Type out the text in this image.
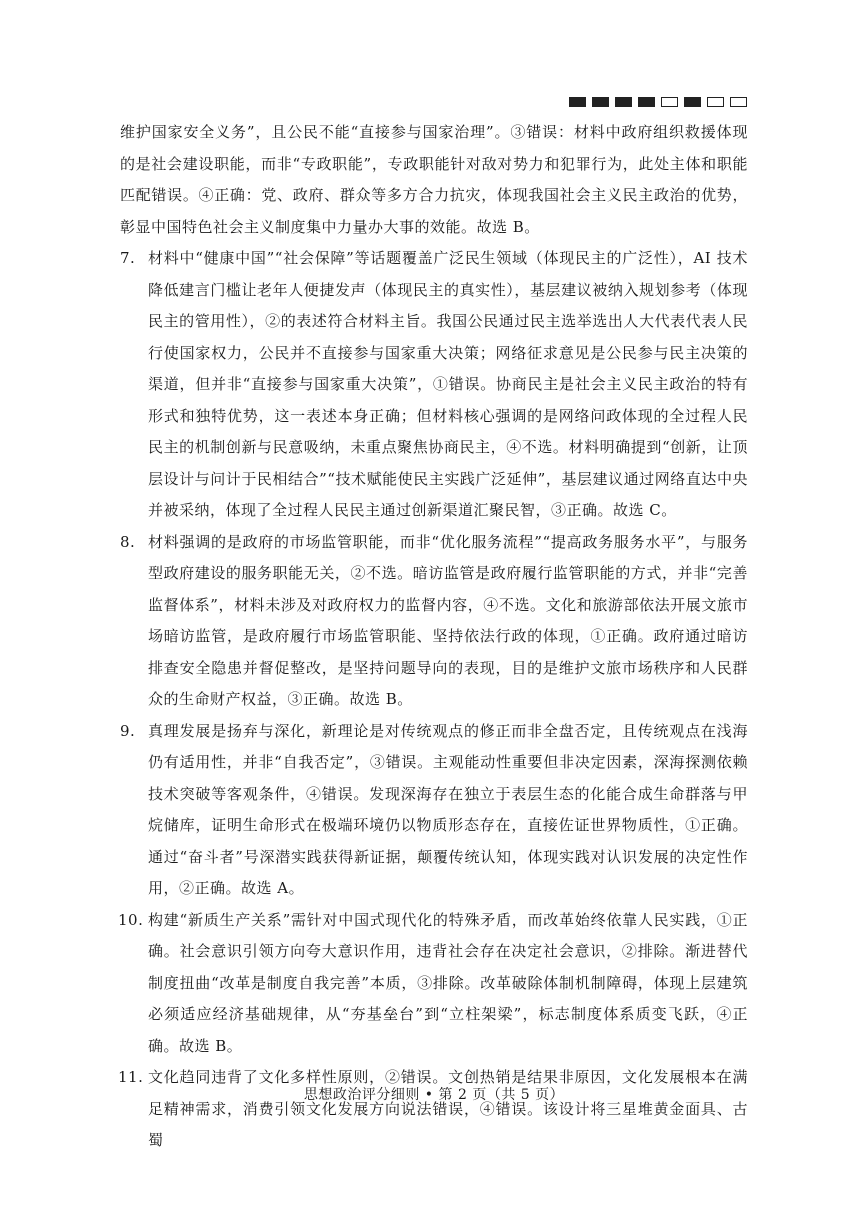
维护国家安全义务”，且公民不能“直接参与国家治理”。③错误：材料中政府组织救援体现的是社会建设职能，而非“专政职能”，专政职能针对敌对势力和犯罪行为，此处主体和职能匹配错误。④正确：党、政府、群众等多方合力抗灾，体现我国社会主义民主政治的优势，彰显中国特色社会主义制度集中力量办大事的效能。故选 B。

7. 材料中“健康中国”“社会保障”等话题覆盖广泛民生领域（体现民主的广泛性），AI 技术降低建言门槛让老年人便捷发声（体现民主的真实性），基层建议被纳入规划参考（体现民主的管用性），②的表述符合材料主旨。我国公民通过民主选举选出人大代表代表人民行使国家权力，公民并不直接参与国家重大决策；网络征求意见是公民参与民主决策的渠道，但并非“直接参与国家重大决策”，①错误。协商民主是社会主义民主政治的特有形式和独特优势，这一表述本身正确；但材料核心强调的是网络问政体现的全过程人民民主的机制创新与民意吸纳，未重点聚焦协商民主，④不选。材料明确提到“创新，让顶层设计与问计于民相结合”“技术赋能使民主实践广泛延伸”，基层建议通过网络直达中央并被采纳，体现了全过程人民民主通过创新渠道汇聚民智，③正确。故选 C。
8. 材料强调的是政府的市场监管职能，而非“优化服务流程”“提高政务服务水平”，与服务型政府建设的服务职能无关，②不选。暗访监管是政府履行监管职能的方式，并非“完善监督体系”，材料未涉及对政府权力的监督内容，④不选。文化和旅游部依法开展文旅市场暗访监管，是政府履行市场监管职能、坚持依法行政的体现，①正确。政府通过暗访排查安全隐患并督促整改，是坚持问题导向的表现，目的是维护文旅市场秩序和人民群众的生命财产权益，③正确。故选 B。
9. 真理发展是扬弃与深化，新理论是对传统观点的修正而非全盘否定，且传统观点在浅海仍有适用性，并非“自我否定”，③错误。主观能动性重要但非决定因素，深海探测依赖技术突破等客观条件，④错误。发现深海存在独立于表层生态的化能合成生命群落与甲烷储库，证明生命形式在极端环境仍以物质形态存在，直接佐证世界物质性，①正确。通过“奋斗者”号深潜实践获得新证据，颠覆传统认知，体现实践对认识发展的决定性作用，②正确。故选 A。
10. 构建“新质生产关系”需针对中国式现代化的特殊矛盾，而改革始终依靠人民实践，①正确。社会意识引领方向夸大意识作用，违背社会存在决定社会意识，②排除。渐进替代制度扭曲“改革是制度自我完善”本质，③排除。改革破除体制机制障碍，体现上层建筑必须适应经济基础规律，从“夯基垒台”到“立柱架梁”，标志制度体系质变飞跃，④正确。故选 B。
11. 文化趋同违背了文化多样性原则，②错误。文创热销是结果非原因，文化发展根本在满足精神需求，消费引领文化发展方向说法错误，④错误。该设计将三星堆黄金面具、古蜀
思想政治评分细则 • 第 2 页（共 5 页）
